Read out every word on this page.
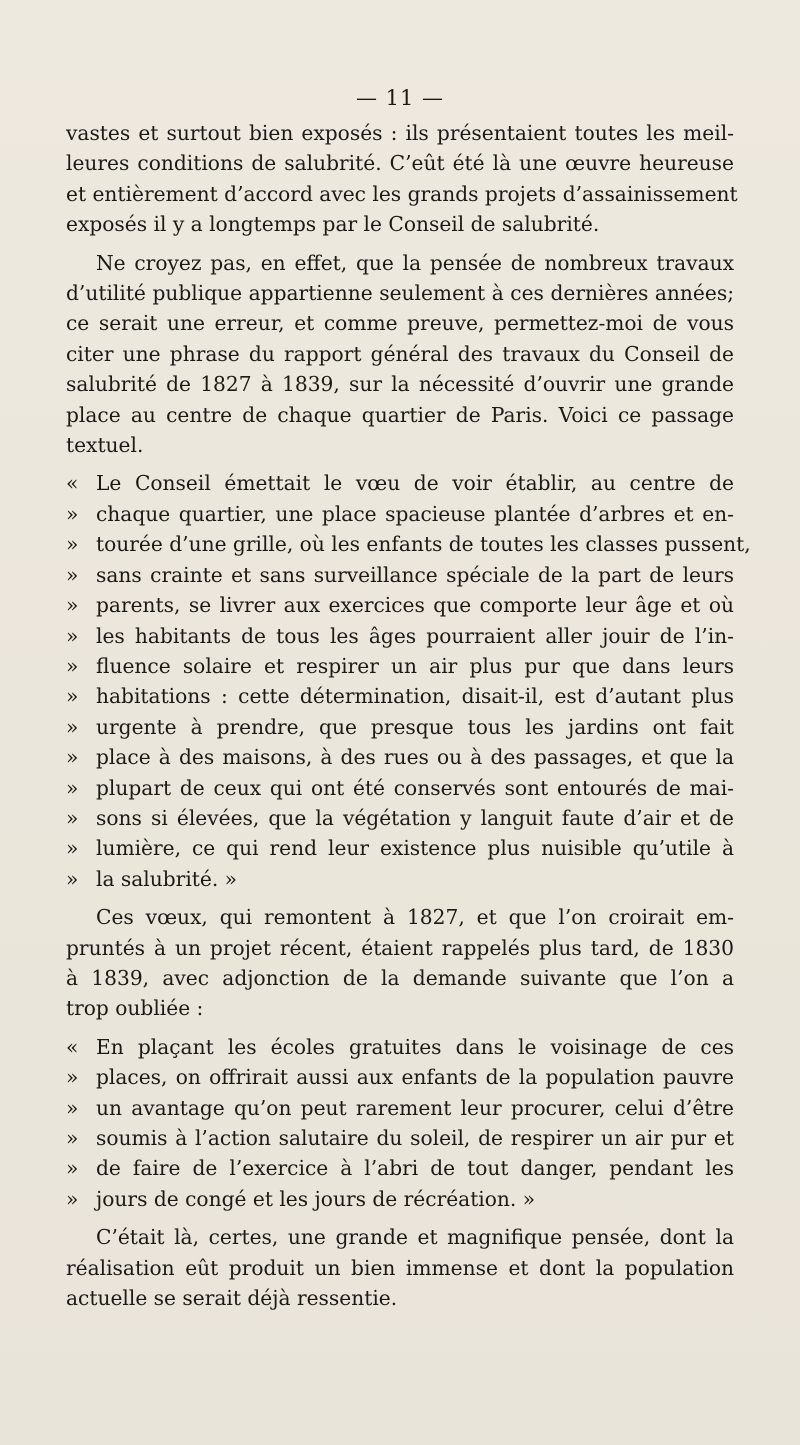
— 11 —
vastes et surtout bien exposés : ils présentaient toutes les meil-
leures conditions de salubrité. C’eût été là une œuvre heureuse
et entièrement d’accord avec les grands projets d’assainissement
exposés il y a longtemps par le Conseil de salubrité.
Ne croyez pas, en effet, que la pensée de nombreux travaux
d’utilité publique appartienne seulement à ces dernières années;
ce serait une erreur, et comme preuve, permettez-moi de vous
citer une phrase du rapport général des travaux du Conseil de
salubrité de 1827 à 1839, sur la nécessité d’ouvrir une grande
place au centre de chaque quartier de Paris. Voici ce passage
textuel.
« Le Conseil émettait le vœu de voir établir, au centre de
» chaque quartier, une place spacieuse plantée d’arbres et en-
» tourée d’une grille, où les enfants de toutes les classes pussent,
» sans crainte et sans surveillance spéciale de la part de leurs
» parents, se livrer aux exercices que comporte leur âge et où
» les habitants de tous les âges pourraient aller jouir de l’in-
» fluence solaire et respirer un air plus pur que dans leurs
» habitations : cette détermination, disait-il, est d’autant plus
» urgente à prendre, que presque tous les jardins ont fait
» place à des maisons, à des rues ou à des passages, et que la
» plupart de ceux qui ont été conservés sont entourés de mai-
» sons si élevées, que la végétation y languit faute d’air et de
» lumière, ce qui rend leur existence plus nuisible qu’utile à
» la salubrité. »
Ces vœux, qui remontent à 1827, et que l’on croirait em-
pruntés à un projet récent, étaient rappelés plus tard, de 1830
à 1839, avec adjonction de la demande suivante que l’on a
trop oubliée :
« En plaçant les écoles gratuites dans le voisinage de ces
» places, on offrirait aussi aux enfants de la population pauvre
» un avantage qu’on peut rarement leur procurer, celui d’être
» soumis à l’action salutaire du soleil, de respirer un air pur et
» de faire de l’exercice à l’abri de tout danger, pendant les
» jours de congé et les jours de récréation. »
C’était là, certes, une grande et magnifique pensée, dont la
réalisation eût produit un bien immense et dont la population
actuelle se serait déjà ressentie.
